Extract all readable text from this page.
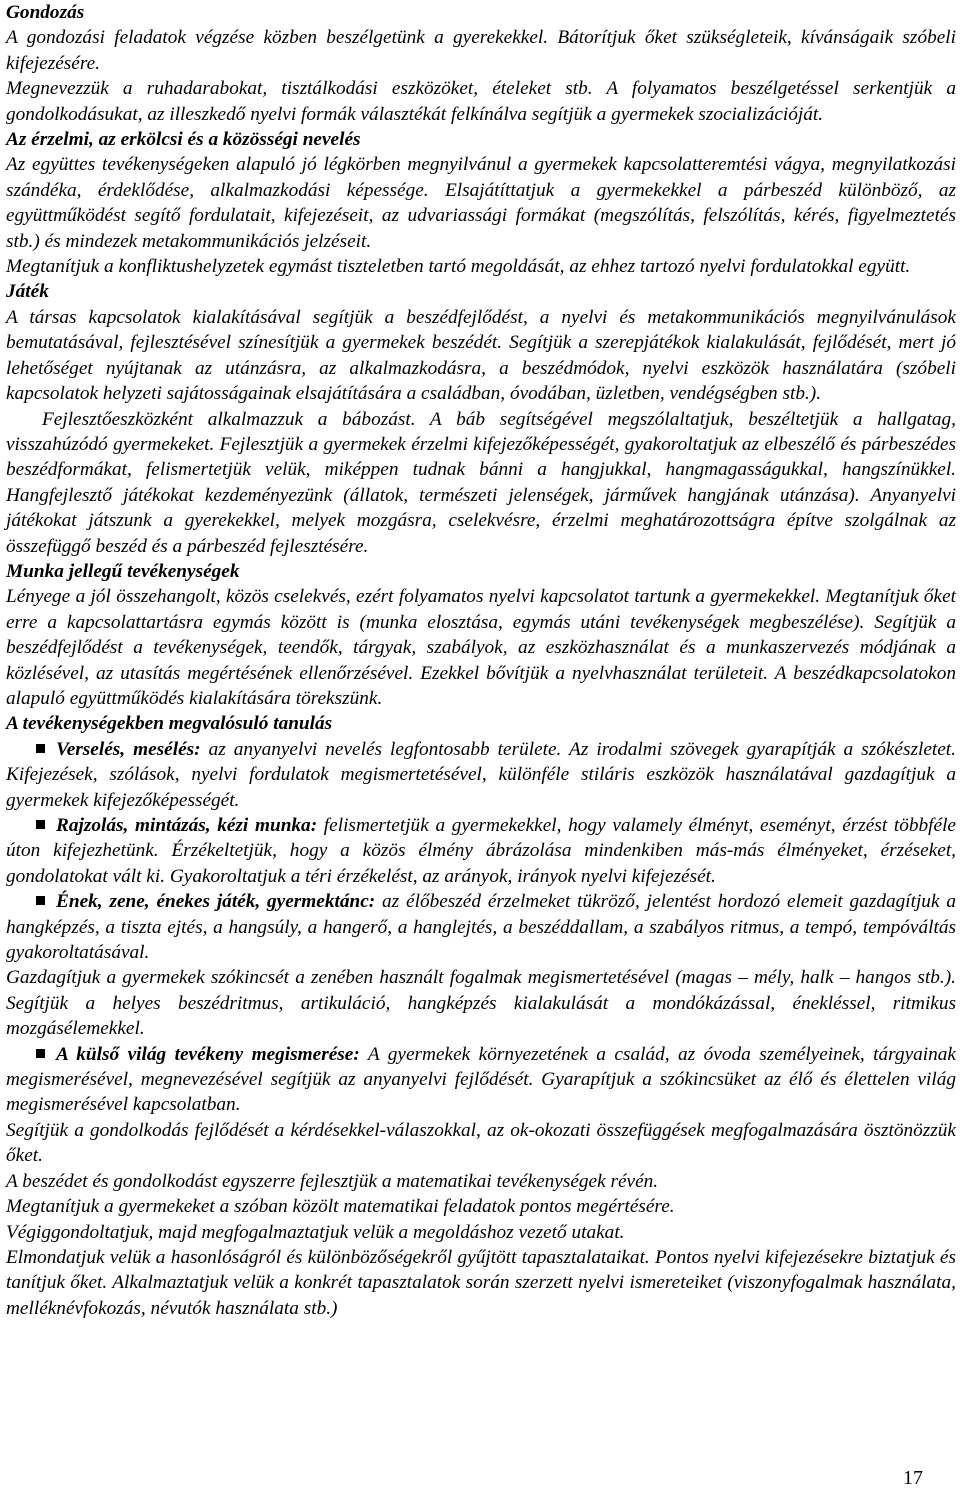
Gondozás

A gondozási feladatok végzése közben beszélgetünk a gyerekekkel. Bátorítjuk őket szükségleteik, kívánságaik szóbeli kifejezésére.

Megnevezzük a ruhadarabokat, tisztálkodási eszközöket, ételeket stb. A folyamatos beszélgetéssel serkentjük a gondolkodásukat, az illeszkedő nyelvi formák választékát felkínálva segítjük a gyermekek szocializációját.

Az érzelmi, az erkölcsi és a közösségi nevelés

Az együttes tevékenységeken alapuló jó légkörben megnyilvánul a gyermekek kapcsolatteremtési vágya, megnyilatkozási szándéka, érdeklődése, alkalmazkodási képessége. Elsajátíttatjuk a gyermekekkel a párbeszéd különböző, az együttműködést segítő fordulatait, kifejezéseit, az udvariassági formákat (megszólítás, felszólítás, kérés, figyelmeztetés stb.) és mindezek metakommunikációs jelzéseit.

Megtanítjuk a konfliktushelyzetek egymást tiszteletben tartó megoldását, az ehhez tartozó nyelvi fordulatokkal együtt.

Játék

A társas kapcsolatok kialakításával segítjük a beszédfejlődést, a nyelvi és metakommunikációs megnyilvánulások bemutatásával, fejlesztésével színesítjük a gyermekek beszédét. Segítjük a szerepjátékok kialakulását, fejlődését, mert jó lehetőséget nyújtanak az utánzásra, az alkalmazkodásra, a beszédmódok, nyelvi eszközök használatára (szóbeli kapcsolatok helyzeti sajátosságainak elsajátítására a családban, óvodában, üzletben, vendégségben stb.).

Fejlesztőeszközként alkalmazzuk a bábozást. A báb segítségével megszólaltatjuk, beszéltetjük a hallgatag, visszahúzódó gyermekeket. Fejlesztjük a gyermekek érzelmi kifejezőképességét, gyakoroltatjuk az elbeszélő és párbeszédes beszédformákat, felismertetjük velük, miképpen tudnak bánni a hangjukkal, hangmagasságukkal, hangszínükkel. Hangfejlesztő játékokat kezdeményezünk (állatok, természeti jelenségek, járművek hangjának utánzása). Anyanyelvi játékokat játszunk a gyerekekkel, melyek mozgásra, cselekvésre, érzelmi meghatározottságra építve szolgálnak az összefüggő beszéd és a párbeszéd fejlesztésére.

Munka jellegű tevékenységek

Lényege a jól összehangolt, közös cselekvés, ezért folyamatos nyelvi kapcsolatot tartunk a gyermekekkel. Megtanítjuk őket erre a kapcsolattartásra egymás között is (munka elosztása, egymás utáni tevékenységek megbeszélése). Segítjük a beszédfejlődést a tevékenységek, teendők, tárgyak, szabályok, az eszközhasználat és a munkaszervezés módjának a közlésével, az utasítás megértésének ellenőrzésével. Ezekkel bővítjük a nyelvhasználat területeit. A beszédkapcsolatokon alapuló együttműködés kialakítására törekszünk.

A tevékenységekben megvalósuló tanulás

Verselés, mesélés: az anyanyelvi nevelés legfontosabb területe. Az irodalmi szövegek gyarapítják a szókészletet. Kifejezések, szólások, nyelvi fordulatok megismertetésével, különféle stiláris eszközök használatával gazdagítjuk a gyermekek kifejezőképességét.

Rajzolás, mintázás, kézi munka: felismertetjük a gyermekekkel, hogy valamely élményt, eseményt, érzést többféle úton kifejezhetünk. Érzékeltetjük, hogy a közös élmény ábrázolása mindenkiben más-más élményeket, érzéseket, gondolatokat vált ki. Gyakoroltatjuk a téri érzékelést, az arányok, irányok nyelvi kifejezését.

Ének, zene, énekes játék, gyermektánc: az élőbeszéd érzelmeket tükröző, jelentést hordozó elemeit gazdagítjuk a hangképzés, a tiszta ejtés, a hangsúly, a hangerő, a hanglejtés, a beszéddallam, a szabályos ritmus, a tempó, tempóváltás gyakoroltatásával.

Gazdagítjuk a gyermekek szókincsét a zenében használt fogalmak megismertetésével (magas – mély, halk – hangos stb.). Segítjük a helyes beszédritmus, artikuláció, hangképzés kialakulását a mondókázással, énekléssel, ritmikus mozgásélemekkel.

A külső világ tevékeny megismerése: A gyermekek környezetének a család, az óvoda személyeinek, tárgyainak megismerésével, megnevezésével segítjük az anyanyelvi fejlődését. Gyarapítjuk a szókincsüket az élő és élettelen világ megismerésével kapcsolatban.

Segítjük a gondolkodás fejlődését a kérdésekkel-válaszokkal, az ok-okozati összefüggések megfogalmazására ösztönözzük őket.

A beszédet és gondolkodást egyszerre fejlesztjük a matematikai tevékenységek révén.

Megtanítjuk a gyermekeket a szóban közölt matematikai feladatok pontos megértésére.

Végiggondoltatjuk, majd megfogalmaztatjuk velük a megoldáshoz vezető utakat.

Elmondatjuk velük a hasonlóságról és különbözőségekről gyűjtött tapasztalataikat. Pontos nyelvi kifejezésekre biztatjuk és tanítjuk őket. Alkalmaztatjuk velük a konkrét tapasztalatok során szerzett nyelvi ismereteiket (viszonyfogalmak használata, melléknévfokozás, névutók használata stb.)

17
